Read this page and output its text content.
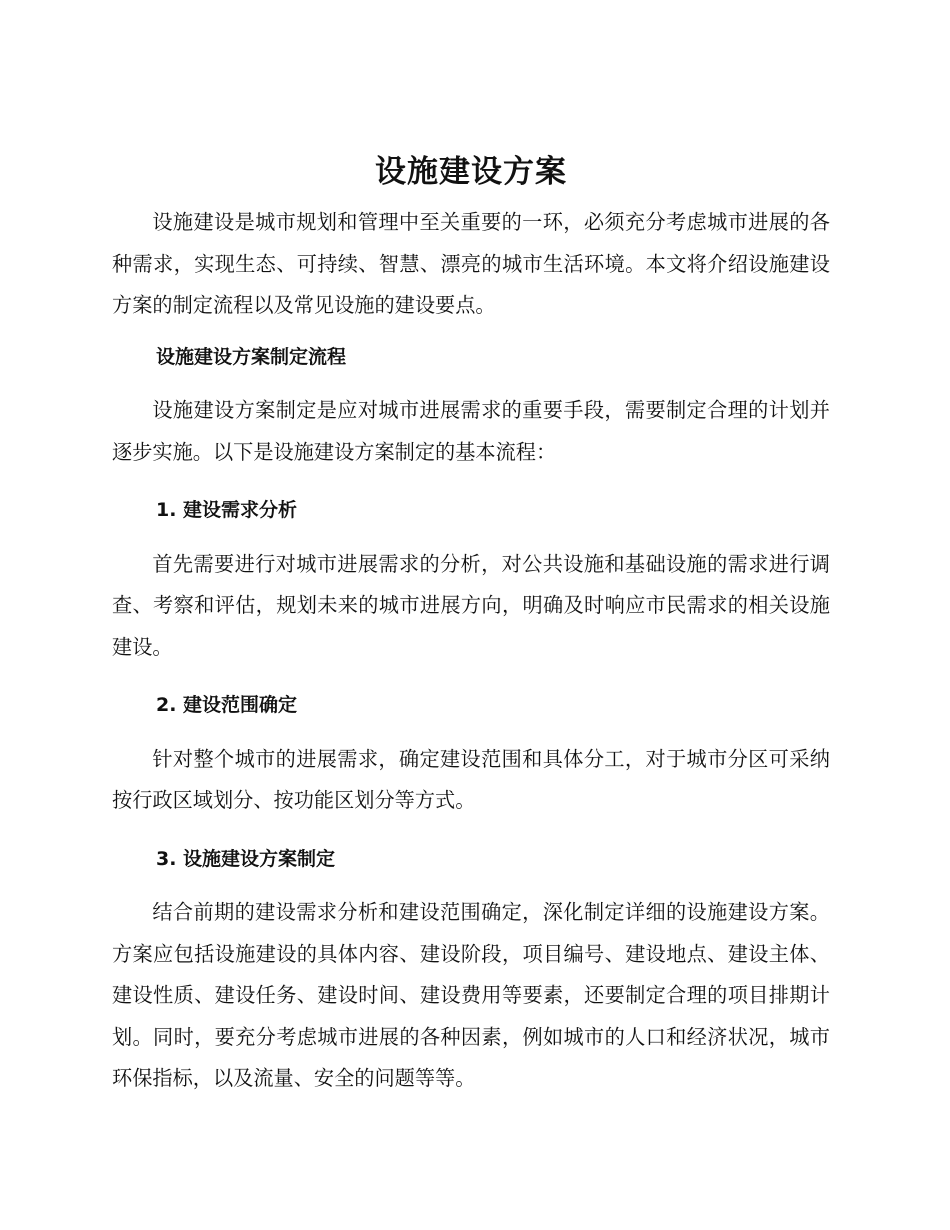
设施建设方案

设施建设是城市规划和管理中至关重要的一环，必须充分考虑城市进展的各种需求，实现生态、可持续、智慧、漂亮的城市生活环境。本文将介绍设施建设方案的制定流程以及常见设施的建设要点。

设施建设方案制定流程

设施建设方案制定是应对城市进展需求的重要手段，需要制定合理的计划并逐步实施。以下是设施建设方案制定的基本流程：

1. 建设需求分析

首先需要进行对城市进展需求的分析，对公共设施和基础设施的需求进行调查、考察和评估，规划未来的城市进展方向，明确及时响应市民需求的相关设施建设。

2. 建设范围确定

针对整个城市的进展需求，确定建设范围和具体分工，对于城市分区可采纳按行政区域划分、按功能区划分等方式。

3. 设施建设方案制定

结合前期的建设需求分析和建设范围确定，深化制定详细的设施建设方案。方案应包括设施建设的具体内容、建设阶段，项目编号、建设地点、建设主体、建设性质、建设任务、建设时间、建设费用等要素，还要制定合理的项目排期计划。同时，要充分考虑城市进展的各种因素，例如城市的人口和经济状况，城市环保指标，以及流量、安全的问题等等。
